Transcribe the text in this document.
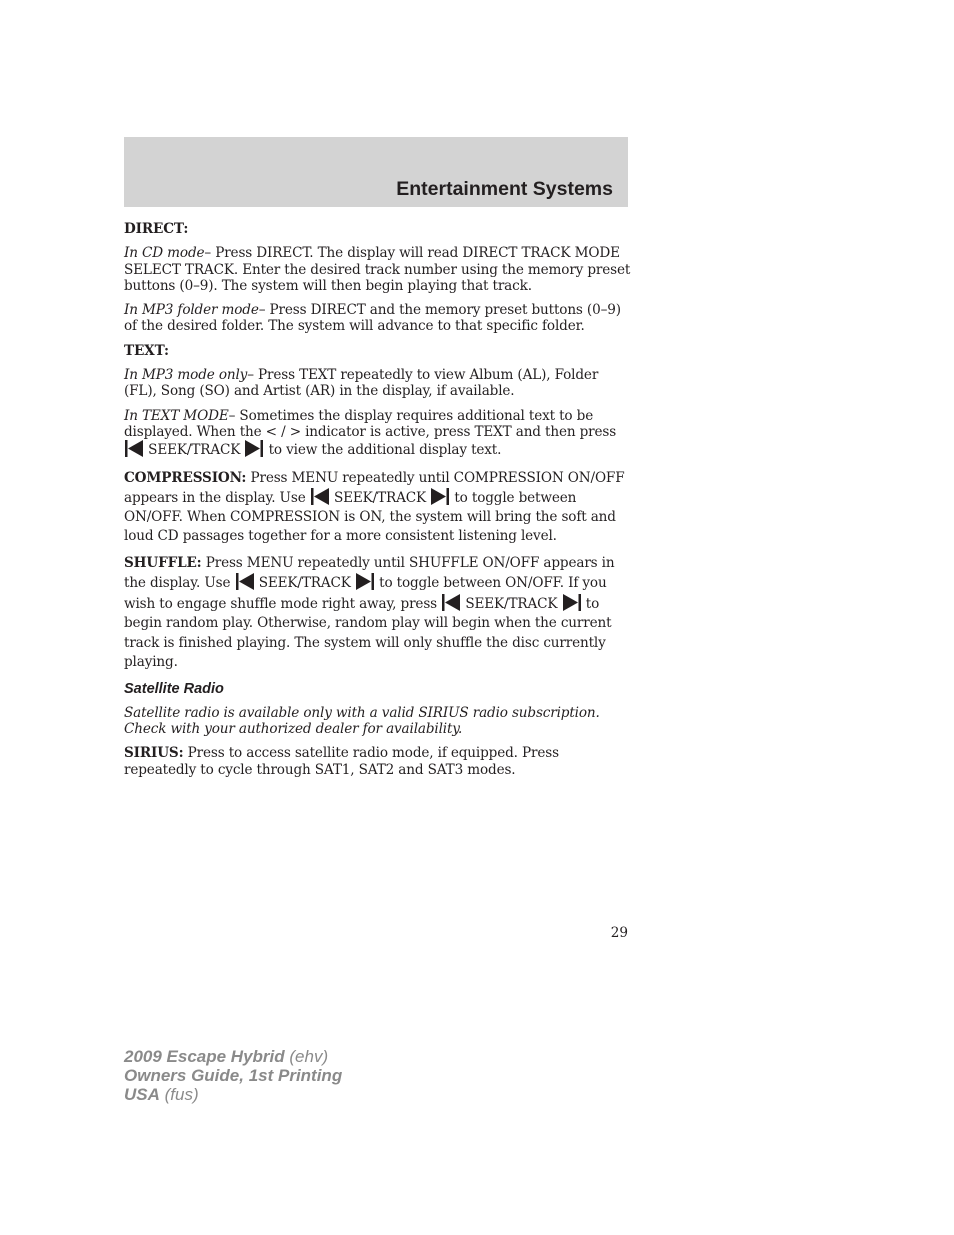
Entertainment Systems

DIRECT:

In CD mode– Press DIRECT. The display will read DIRECT TRACK MODE SELECT TRACK. Enter the desired track number using the memory preset buttons (0–9). The system will then begin playing that track.

In MP3 folder mode– Press DIRECT and the memory preset buttons (0–9) of the desired folder. The system will advance to that specific folder.

TEXT:

In MP3 mode only– Press TEXT repeatedly to view Album (AL), Folder (FL), Song (SO) and Artist (AR) in the display, if available.

In TEXT MODE– Sometimes the display requires additional text to be displayed. When the < / > indicator is active, press TEXT and then press
SEEK/TRACK to view the additional display text.

COMPRESSION: Press MENU repeatedly until COMPRESSION ON/OFF appears in the display. Use SEEK/TRACK to toggle between ON/OFF. When COMPRESSION is ON, the system will bring the soft and loud CD passages together for a more consistent listening level.

SHUFFLE: Press MENU repeatedly until SHUFFLE ON/OFF appears in the display. Use SEEK/TRACK to toggle between ON/OFF. If you wish to engage shuffle mode right away, press SEEK/TRACK to begin random play. Otherwise, random play will begin when the current track is finished playing. The system will only shuffle the disc currently playing.

Satellite Radio

Satellite radio is available only with a valid SIRIUS radio subscription. Check with your authorized dealer for availability.

SIRIUS: Press to access satellite radio mode, if equipped. Press repeatedly to cycle through SAT1, SAT2 and SAT3 modes.

29
2009 Escape Hybrid (ehv)
Owners Guide, 1st Printing
USA (fus)
